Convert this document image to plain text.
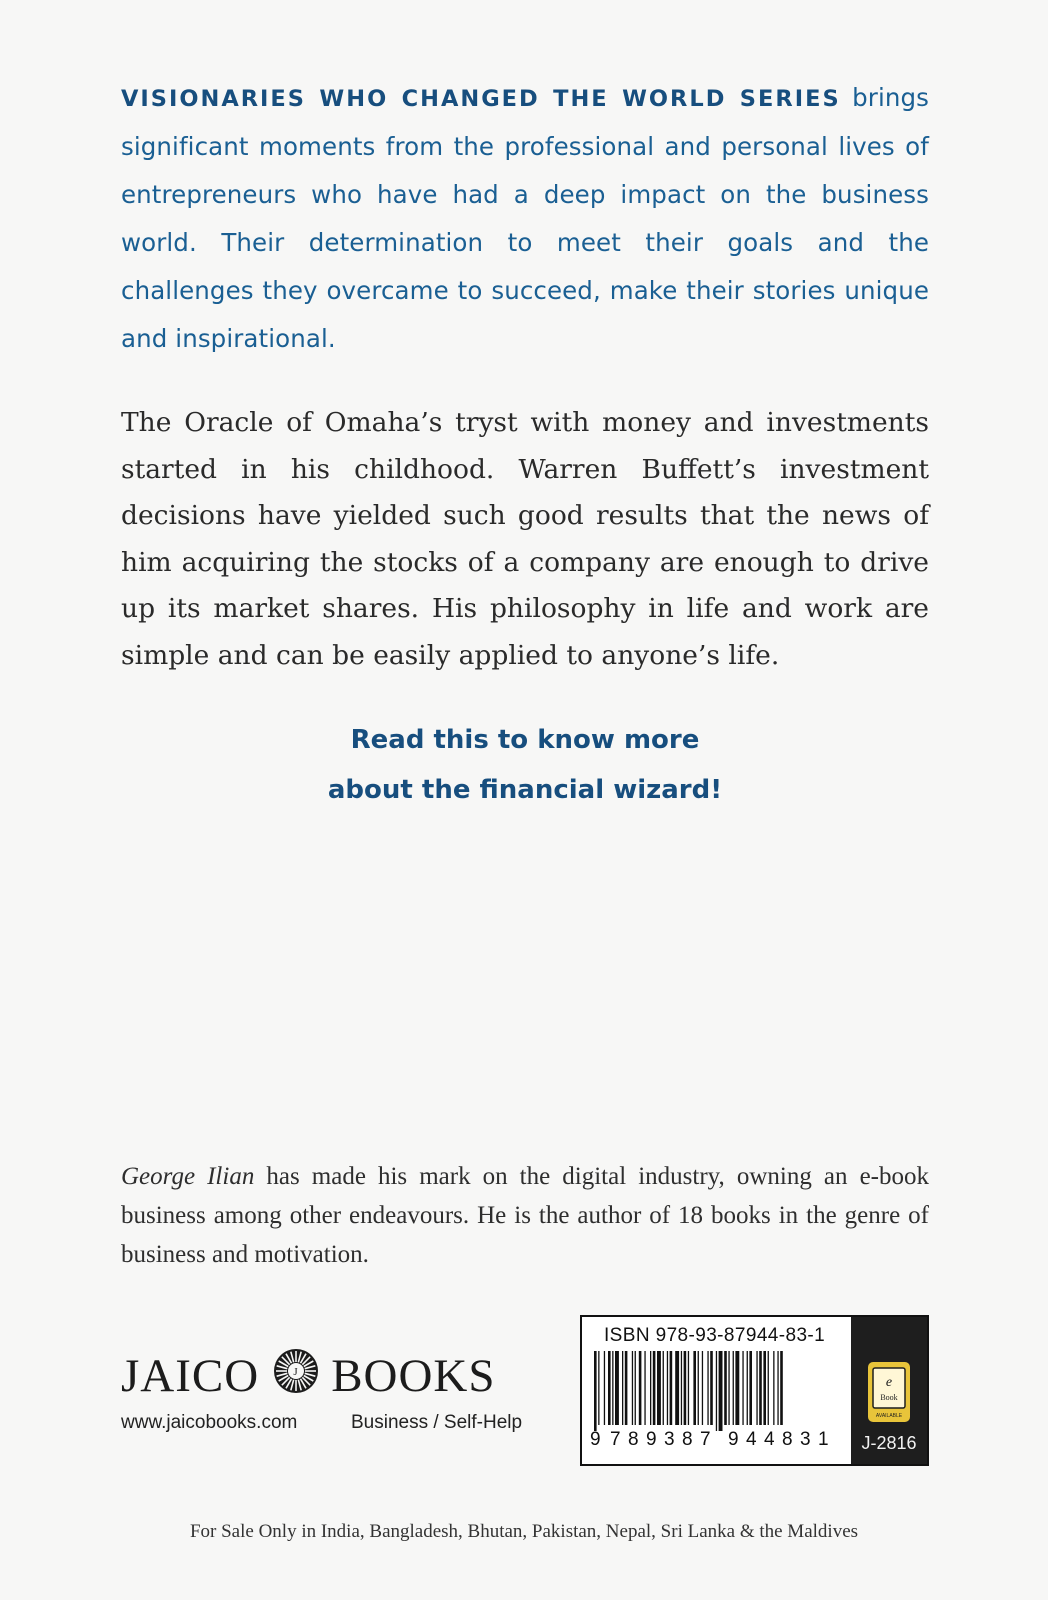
VISIONARIES WHO CHANGED THE WORLD SERIES brings significant moments from the professional and personal lives of entrepreneurs who have had a deep impact on the business world. Their determination to meet their goals and the challenges they overcame to succeed, make their stories unique and inspirational.

The Oracle of Omaha’s tryst with money and investments started in his childhood. Warren Buffett’s investment decisions have yielded such good results that the news of him acquiring the stocks of a company are enough to drive up its market shares. His philosophy in life and work are simple and can be easily applied to anyone’s life.

Read this to know more
about the financial wizard!

George Ilian has made his mark on the digital industry, owning an e-book business among other endeavours. He is the author of 18 books in the genre of business and motivation.

JAICO	J BOOKS
www.jaicobooks.com	Business / Self-Help
ISBN 978-93-87944-83-1
9 7 8 9 3 8 7 9 4 4 8 3 1
e
Book
AVAILABLE
J-2816

For Sale Only in India, Bangladesh, Bhutan, Pakistan, Nepal, Sri Lanka & the Maldives
